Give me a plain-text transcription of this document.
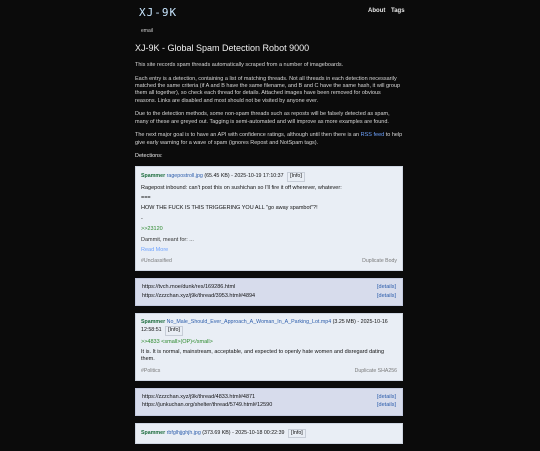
XJ-9K
email
About Tags
XJ-9K - Global Spam Detection Robot 9000

This site records spam threads automatically scraped from a number of imageboards.

Each entry is a detection, containing a list of matching threads. Not all threads in each detection necessarily matched the same criteria (if A and B have the same filename, and B and C have the same hash, it will group them all together), so check each thread for details. Attached images have been removed for obvious reasons. Links are disabled and most should not be visited by anyone ever.

Due to the detection methods, some non-spam threads such as reposts will be falsely detected as spam, many of these are greyed out. Tagging is semi-automated and will improve as more examples are found.

The next major goal is to have an API with confidence ratings, although until then there is an RSS feed to help give early warning for a wave of spam (ignores Repost and NotSpam tags).

Detections:
Spammer ragepostroll.jpg (65.45 KB) - 2025-10-19 17:10:37 [Info]
Ragepost inbound: can't post this on sushichan so I'll fire it off wherever, whatever:
===
HOW THE FUCK IS THIS TRIGGERING YOU ALL "go away spambot"?!
-
>>23120
Dammit, meant for: ...
Read More
#Unclassified	Duplicate Body
https://tvch.moe/dunk/res/169286.html	[details]
https://zzzchan.xyz/j9k/thread/3953.html#4894	[details]
Spammer No_Male_Should_Ever_Approach_A_Woman_In_A_Parking_Lot.mp4 (3.25 MB) - 2025-10-16 12:58:51 [Info]
>>4833 <small>(OP)</small>
It is. It is normal, mainstream, acceptable, and expected to openly hate women and disregard dating them.
#Politics	Duplicate SHA256
https://zzzchan.xyz/j9k/thread/4833.html#4871	[details]
https://junkuchan.org/shelter/thread/5749.html#12590	[details]
Spammer rbfglhjjghjh.jpg (373.69 KB) - 2025-10-18 00:22:39 [Info]
